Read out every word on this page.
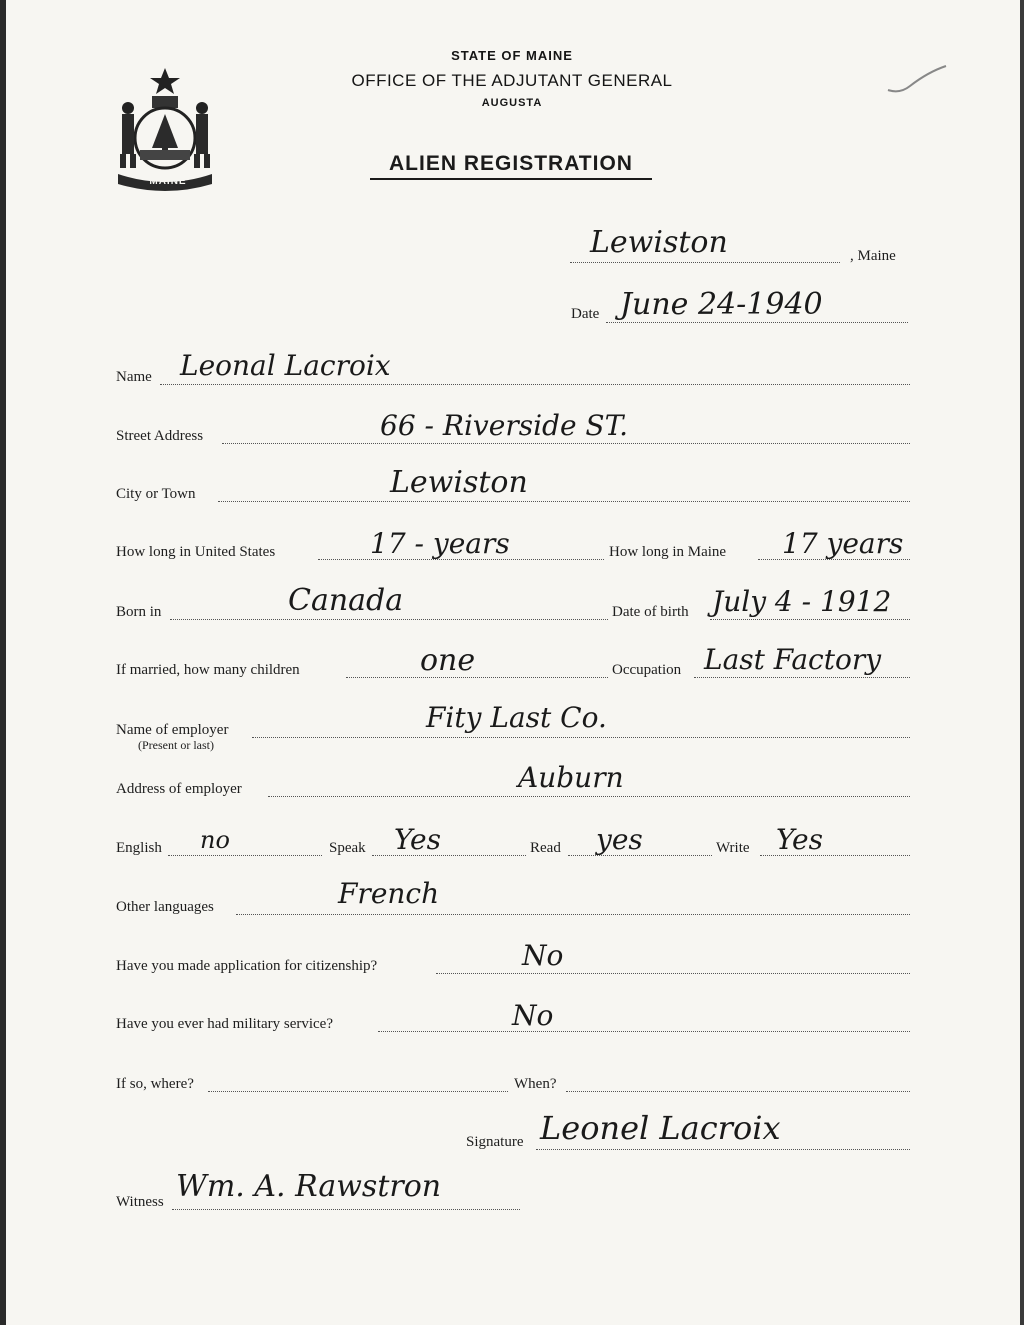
MAINE
STATE OF MAINE
OFFICE OF THE ADJUTANT GENERAL
AUGUSTA
ALIEN REGISTRATION
Lewiston	, Maine
Date June 24-1940
Name Leonal Lacroix
Street Address	66 - Riverside ST.
City or Town	Lewiston
How long in United States	17 - years	How long in Maine 17 years
Born in	Canada	Date of birth July 4 - 1912
If married, how many children	one	Occupation Last Factory
Name of employer
(Present or last)
Fity Last Co.
Address of employer	Auburn
English no	Speak Yes	Read yes	Write Yes
Other languages	French
Have you made application for citizenship?	No
Have you ever had military service?	No
If so, where?	When?
Signature Leonel Lacroix
Witness Wm. A. Rawstron
